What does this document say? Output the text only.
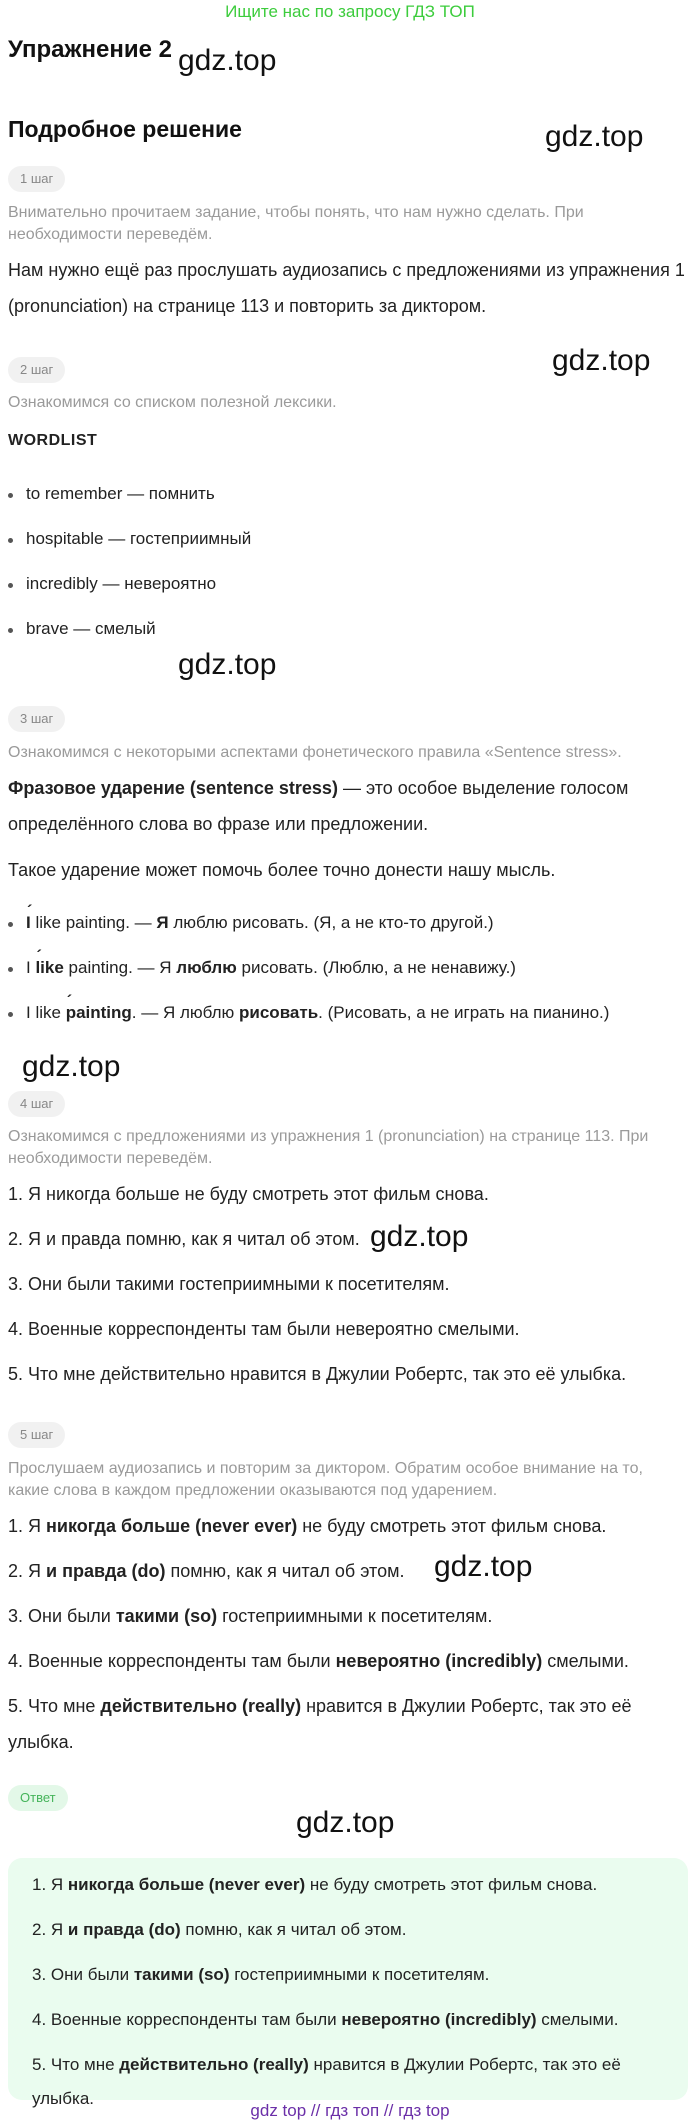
Ищите нас по запросу ГДЗ ТОП
Упражнение 2
Подробное решение
gdz.top
gdz.top
gdz.top
gdz.top
gdz.top
gdz.top
gdz.top
gdz.top
1 шаг
Внимательно прочитаем задание, чтобы понять, что нам нужно сделать. При необходимости переведём.
Нам нужно ещё раз прослушать аудиозапись с предложениями из упражнения 1 (pronunciation) на странице 113 и повторить за диктором.
2 шаг
Ознакомимся со списком полезной лексики.
WORDLIST
to remember — помнить
hospitable — гостеприимный
incredibly — невероятно
brave — смелый
3 шаг
Ознакомимся с некоторыми аспектами фонетического правила «Sentence stress».
Фразовое ударение (sentence stress) — это особое выделение голосом определённого слова во фразе или предложении.
Такое ударение может помочь более точно донести нашу мысль.
I ´ like painting. — Я люблю рисовать. (Я, а не кто-то другой.)
I like ´ painting. — Я люблю рисовать. (Люблю, а не ненавижу.)
I like painting ´. — Я люблю рисовать. (Рисовать, а не играть на пианино.)
4 шаг
Ознакомимся с предложениями из упражнения 1 (pronunciation) на странице 113. При необходимости переведём.
1. Я никогда больше не буду смотреть этот фильм снова.
2. Я и правда помню, как я читал об этом.
3. Они были такими гостеприимными к посетителям.
4. Военные корреспонденты там были невероятно смелыми.
5. Что мне действительно нравится в Джулии Робертс, так это её улыбка.
5 шаг
Прослушаем аудиозапись и повторим за диктором. Обратим особое внимание на то, какие слова в каждом предложении оказываются под ударением.
1. Я никогда больше (never ever) не буду смотреть этот фильм снова.
2. Я и правда (do) помню, как я читал об этом.
3. Они были такими (so) гостеприимными к посетителям.
4. Военные корреспонденты там были невероятно (incredibly) смелыми.
5. Что мне действительно (really) нравится в Джулии Робертс, так это её улыбка.
Ответ
1. Я никогда больше (never ever) не буду смотреть этот фильм снова.
2. Я и правда (do) помню, как я читал об этом.
3. Они были такими (so) гостеприимными к посетителям.
4. Военные корреспонденты там были невероятно (incredibly) смелыми.
5. Что мне действительно (really) нравится в Джулии Робертс, так это её улыбка.
gdz top // гдз топ // гдз top
